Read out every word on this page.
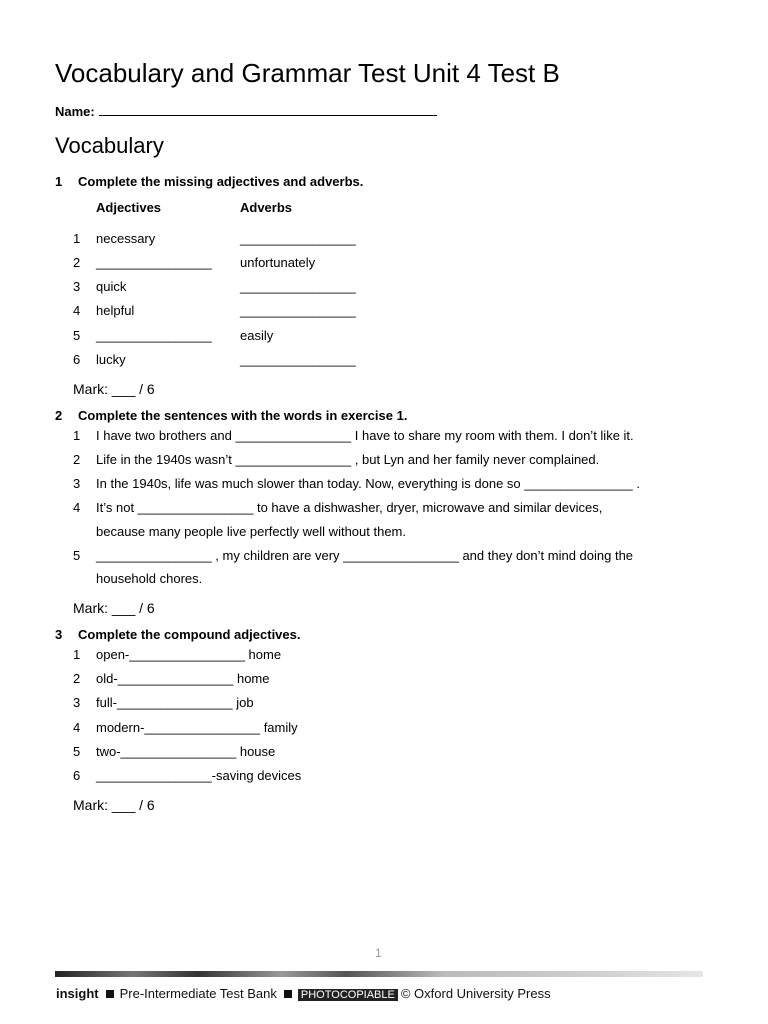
Vocabulary and Grammar Test Unit 4 Test B
Name:
Vocabulary
1 Complete the missing adjectives and adverbs.
Adjectives	Adverbs
1 necessary	________________
2 ________________ unfortunately
3 quick	________________
4 helpful	________________
5 ________________ easily
6 lucky	________________
Mark: ___ / 6
2 Complete the sentences with the words in exercise 1.
1 I have two brothers and ________________ I have to share my room with them. I don’t like it.
2 Life in the 1940s wasn’t ________________ , but Lyn and her family never complained.
3 In the 1940s, life was much slower than today. Now, everything is done so _______________ .
4 It’s not ________________ to have a dishwasher, dryer, microwave and similar devices,
because many people live perfectly well without them.
5 ________________ , my children are very ________________ and they don’t mind doing the
household chores.
Mark: ___ / 6
3 Complete the compound adjectives.
1 open-________________ home
2 old-________________ home
3 full-________________ job
4 modern-________________ family
5 two-________________ house
6 ________________-saving devices
Mark: ___ / 6
1
insight Pre-Intermediate Test Bank PHOTOCOPIABLE © Oxford University Press
